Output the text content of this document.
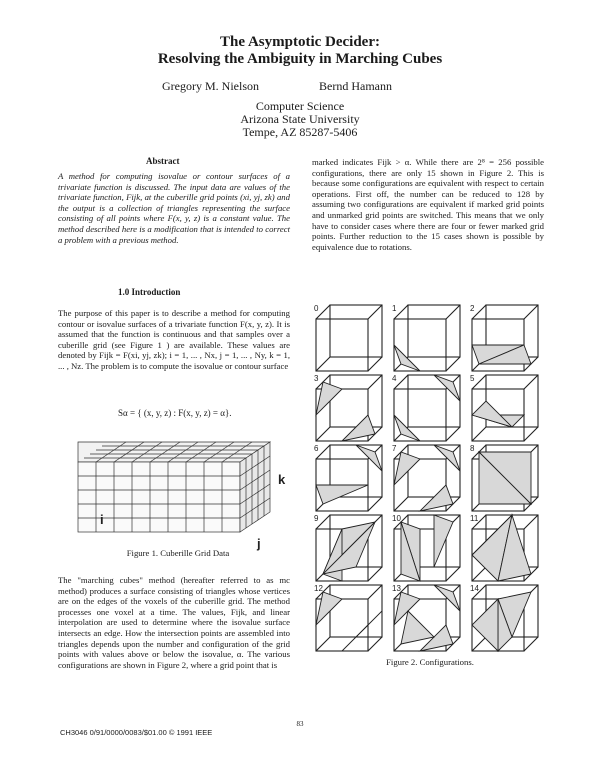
The Asymptotic Decider:
Resolving the Ambiguity in Marching Cubes
Gregory M. Nielson	Bernd Hamann
Computer Science
Arizona State University
Tempe, AZ 85287-5406
Abstract

A method for computing isovalue or contour surfaces of a trivariate function is discussed. The input data are values of the trivariate function, Fijk, at the cuberille grid points (xi, yj, zk) and the output is a collection of triangles representing the surface consisting of all points where F(x, y, z) is a constant value. The method described here is a modification that is intended to correct a problem with a previous method.

1.0 Introduction

The purpose of this paper is to describe a method for computing contour or isovalue surfaces of a trivariate function F(x, y, z). It is assumed that the function is continuous and that samples over a cuberille grid (see Figure 1 ) are available. These values are denoted by Fijk = F(xi, yj, zk); i = 1, ... , Nx, j = 1, ... , Ny, k = 1, ... , Nz. The problem is to compute the isovalue or contour surface

Sα = { (x, y, z) : F(x, y, z) = α}.
i
j
k
Figure 1. Cuberille Grid Data

The "marching cubes" method (hereafter referred to as mc method) produces a surface consisting of triangles whose vertices are on the edges of the voxels of the cuberille grid. The method processes one voxel at a time. The values, Fijk, and linear interpolation are used to determine where the isovalue surface intersects an edge. How the intersection points are assembled into triangles depends upon the number and configuration of the grid points with values above or below the isovalue, α. The various configurations are shown in Figure 2, where a grid point that is

marked indicates Fijk > α. While there are 2⁸ = 256 possible configurations, there are only 15 shown in Figure 2. This is because some configurations are equivalent with respect to certain operations. First off, the number can be reduced to 128 by assuming two configurations are equivalent if marked grid points and unmarked grid points are switched. This means that we only have to consider cases where there are four or fewer marked grid points. Further reduction to the 15 cases shown is possible by equivalence due to rotations.

0	1	2
3	4	5
6	7	8
9	10	11
12	13	14
Figure 2. Configurations.
83
CH3046 0/91/0000/0083/$01.00 © 1991 IEEE
